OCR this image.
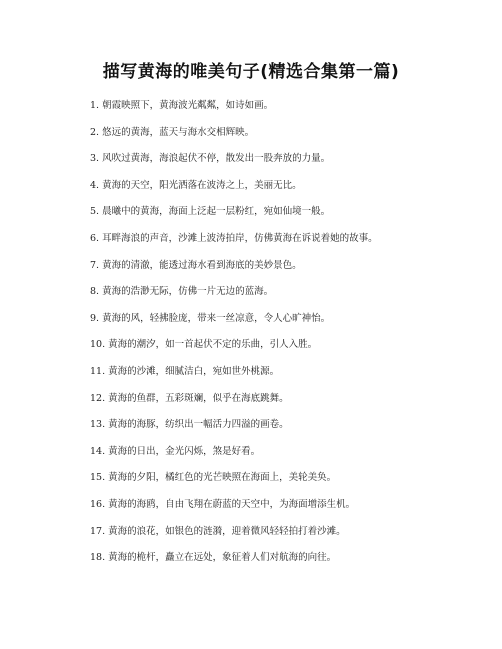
描写黄海的唯美句子(精选合集第一篇)
1. 朝霞映照下，黄海波光粼粼，如诗如画。
2. 悠远的黄海，蓝天与海水交相辉映。
3. 风吹过黄海，海浪起伏不停，散发出一股奔放的力量。
4. 黄海的天空，阳光洒落在波涛之上，美丽无比。
5. 晨曦中的黄海，海面上泛起一层粉红，宛如仙境一般。
6. 耳畔海浪的声音，沙滩上波涛拍岸，仿佛黄海在诉说着她的故事。
7. 黄海的清澈，能透过海水看到海底的美妙景色。
8. 黄海的浩渺无际，仿佛一片无边的蓝海。
9. 黄海的风，轻拂脸庞，带来一丝凉意，令人心旷神怡。
10. 黄海的潮汐，如一首起伏不定的乐曲，引人入胜。
11. 黄海的沙滩，细腻洁白，宛如世外桃源。
12. 黄海的鱼群，五彩斑斓，似乎在海底跳舞。
13. 黄海的海豚，纺织出一幅活力四溢的画卷。
14. 黄海的日出，金光闪烁，煞是好看。
15. 黄海的夕阳，橘红色的光芒映照在海面上，美轮美奂。
16. 黄海的海鸥，自由飞翔在蔚蓝的天空中，为海面增添生机。
17. 黄海的浪花，如银色的涟漪，迎着微风轻轻拍打着沙滩。
18. 黄海的桅杆，矗立在远处，象征着人们对航海的向往。
